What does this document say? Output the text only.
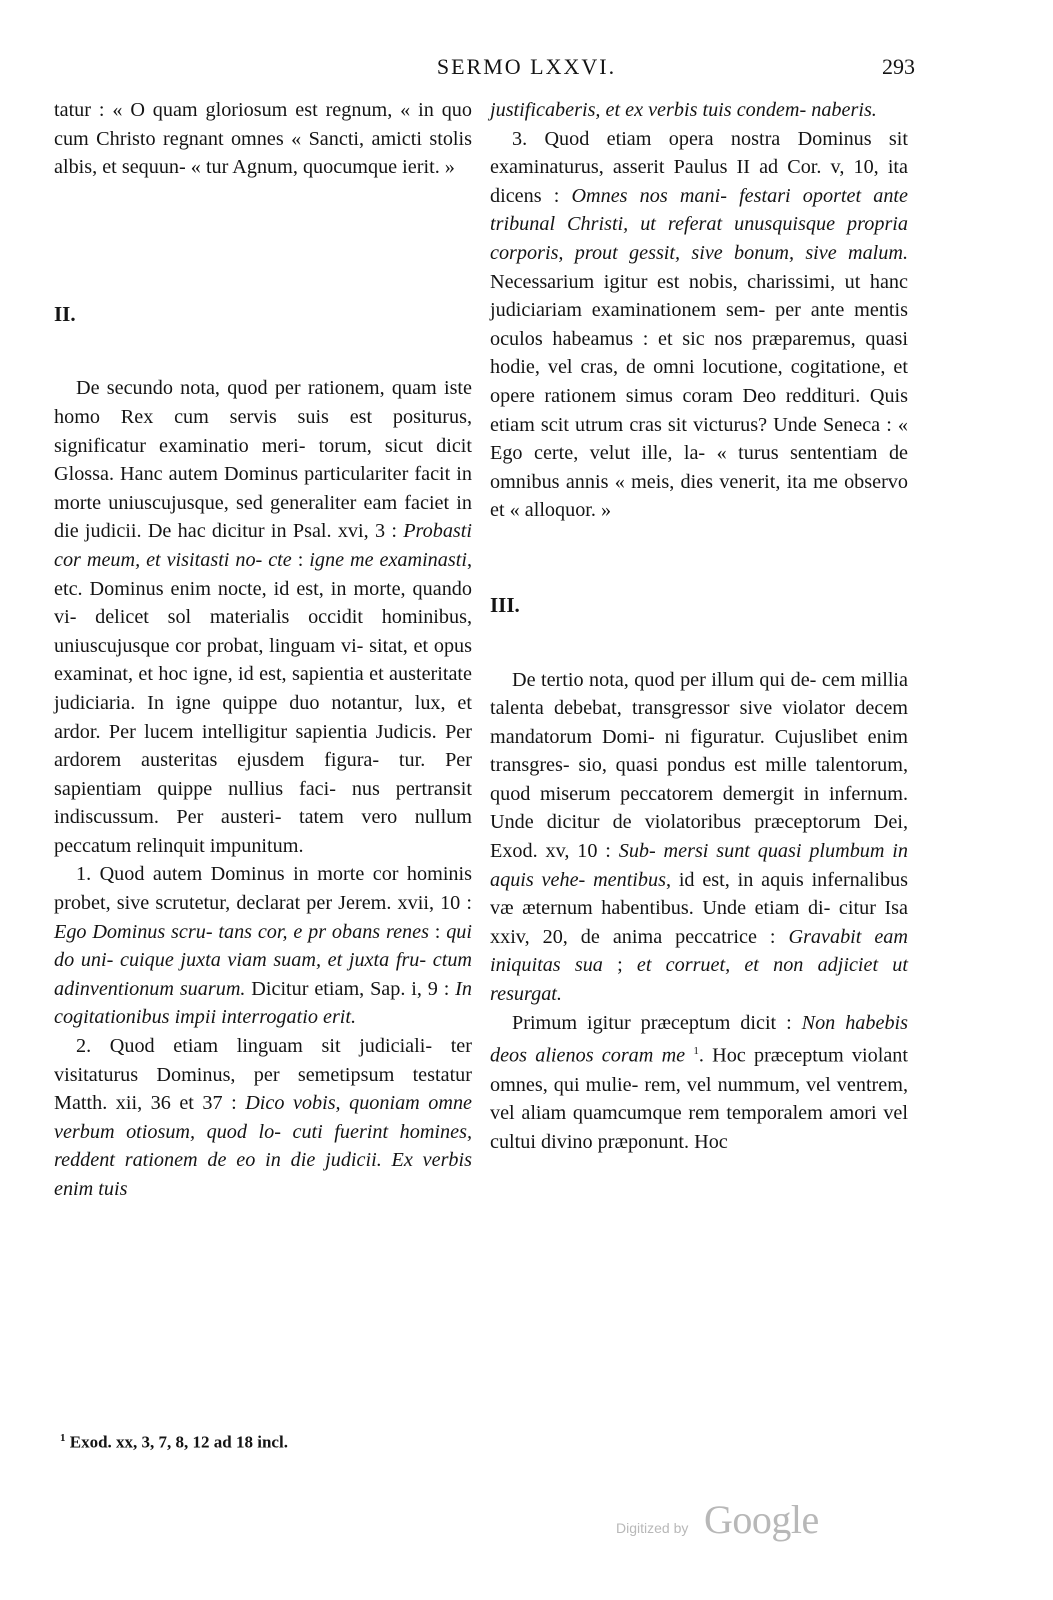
SERMO LXXVI.	293

tatur : « O quam gloriosum est regnum, « in quo cum Christo regnant omnes « Sancti, amicti stolis albis, et sequun- « tur Agnum, quocumque ierit. »

II.

De secundo nota, quod per rationem, quam iste homo Rex cum servis suis est positurus, significatur examinatio meri- torum, sicut dicit Glossa. Hanc autem Dominus particulariter facit in morte uniuscujusque, sed generaliter eam faciet in die judicii. De hac dicitur in Psal. xvi, 3 : Probasti cor meum, et visitasti no- cte : igne me examinasti, etc. Dominus enim nocte, id est, in morte, quando vi- delicet sol materialis occidit hominibus, uniuscujusque cor probat, linguam vi- sitat, et opus examinat, et hoc igne, id est, sapientia et austeritate judiciaria. In igne quippe duo notantur, lux, et ardor. Per lucem intelligitur sapientia Judicis. Per ardorem austeritas ejusdem figura- tur. Per sapientiam quippe nullius faci- nus pertransit indiscussum. Per austeri- tatem vero nullum peccatum relinquit impunitum.

1. Quod autem Dominus in morte cor hominis probet, sive scrutetur, declarat per Jerem. xvii, 10 : Ego Dominus scru- tans cor, e pr obans renes : qui do uni- cuique juxta viam suam, et juxta fru- ctum adinventionum suarum. Dicitur etiam, Sap. i, 9 : In cogitationibus impii interrogatio erit.

2. Quod etiam linguam sit judiciali- ter visitaturus Dominus, per semetipsum testatur Matth. xii, 36 et 37 : Dico vobis, quoniam omne verbum otiosum, quod lo- cuti fuerint homines, reddent rationem de eo in die judicii. Ex verbis enim tuis

justificaberis, et ex verbis tuis condem- naberis.

3. Quod etiam opera nostra Dominus sit examinaturus, asserit Paulus II ad Cor. v, 10, ita dicens : Omnes nos mani- festari oportet ante tribunal Christi, ut referat unusquisque propria corporis, prout gessit, sive bonum, sive malum. Necessarium igitur est nobis, charissimi, ut hanc judiciariam examinationem sem- per ante mentis oculos habeamus : et sic nos præparemus, quasi hodie, vel cras, de omni locutione, cogitatione, et opere rationem simus coram Deo reddituri. Quis etiam scit utrum cras sit victurus? Unde Seneca : « Ego certe, velut ille, la- « turus sententiam de omnibus annis « meis, dies venerit, ita me observo et « alloquor. »

III.

De tertio nota, quod per illum qui de- cem millia talenta debebat, transgressor sive violator decem mandatorum Domi- ni figuratur. Cujuslibet enim transgres- sio, quasi pondus est mille talentorum, quod miserum peccatorem demergit in infernum. Unde dicitur de violatoribus præceptorum Dei, Exod. xv, 10 : Sub- mersi sunt quasi plumbum in aquis vehe- mentibus, id est, in aquis infernalibus væ æternum habentibus. Unde etiam di- citur Isa xxiv, 20, de anima peccatrice : Gravabit eam iniquitas sua ; et corruet, et non adjiciet ut resurgat.

Primum igitur præceptum dicit : Non habebis deos alienos coram me $^1$. Hoc præceptum violant omnes, qui mulie- rem, vel nummum, vel ventrem, vel aliam quamcumque rem temporalem amori vel cultui divino præponunt. Hoc

$^1$ Exod. xx, 3, 7, 8, 12 ad 18 incl.
Digitized by Google
